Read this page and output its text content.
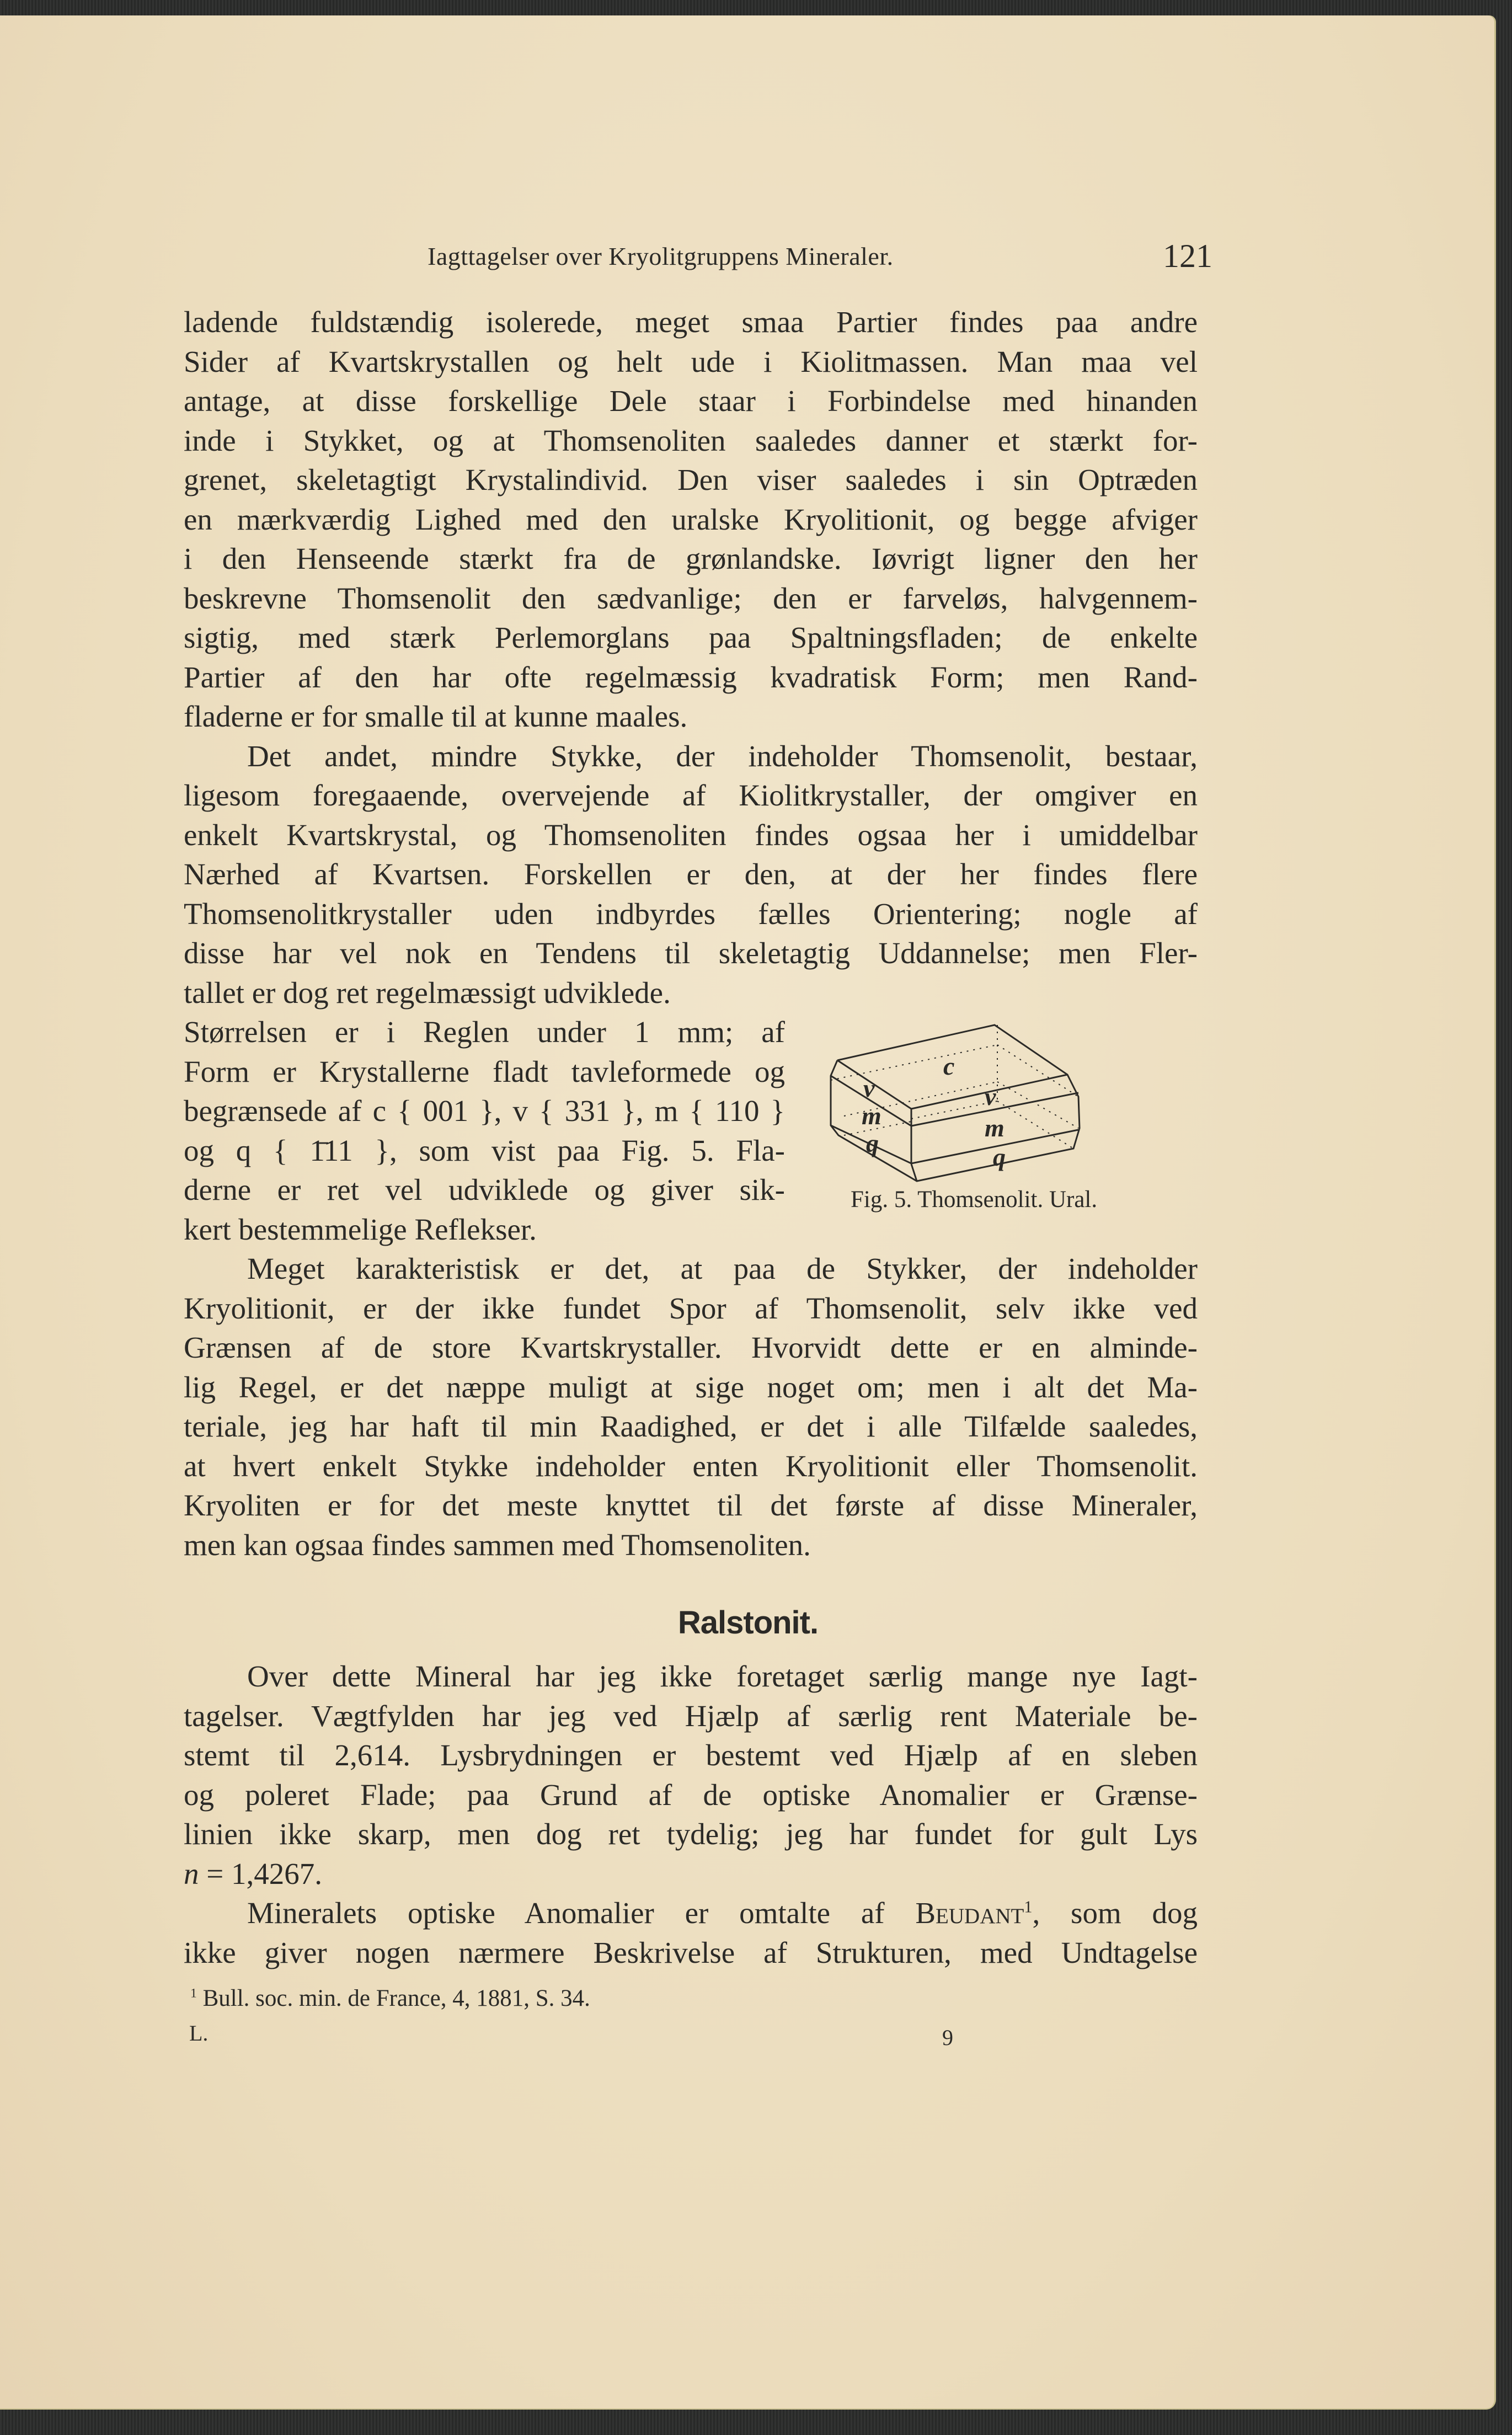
Iagttagelser over Kryolitgruppens Mineraler.	121

ladende fuldstændig isolerede, meget smaa Partier findes paa andre
Sider af Kvartskrystallen og helt ude i Kiolitmassen. Man maa vel
antage, at disse forskellige Dele staar i Forbindelse med hinanden
inde i Stykket, og at Thomsenoliten saaledes danner et stærkt for-
grenet, skeletagtigt Krystalindivid. Den viser saaledes i sin Optræden
en mærkværdig Lighed med den uralske Kryolitionit, og begge afviger
i den Henseende stærkt fra de grønlandske. Iøvrigt ligner den her
beskrevne Thomsenolit den sædvanlige; den er farveløs, halvgennem-
sigtig, med stærk Perlemorglans paa Spaltningsfladen; de enkelte
Partier af den har ofte regelmæssig kvadratisk Form; men Rand-
fladerne er for smalle til at kunne maales.

Det andet, mindre Stykke, der indeholder Thomsenolit, bestaar,
ligesom foregaaende, overvejende af Kiolitkrystaller, der omgiver en
enkelt Kvartskrystal, og Thomsenoliten findes ogsaa her i umiddelbar
Nærhed af Kvartsen. Forskellen er den, at der her findes flere
Thomsenolitkrystaller uden indbyrdes fælles Orientering; nogle af
disse har vel nok en Tendens til skeletagtig Uddannelse; men Fler-
tallet er dog ret regelmæssigt udviklede.

Størrelsen er i Reglen under 1 mm; af
Form er Krystallerne fladt tavleformede og
begrænsede af c { 001 }, v { 331 }, m { 110 }
og q { 1̄11 }, som vist paa Fig. 5. Fla-
derne er ret vel udviklede og giver sik-
kert bestemmelige Reflekser.

Meget karakteristisk er det, at paa de Stykker, der indeholder
Kryolitionit, er der ikke fundet Spor af Thomsenolit, selv ikke ved
Grænsen af de store Kvartskrystaller. Hvorvidt dette er en alminde-
lig Regel, er det næppe muligt at sige noget om; men i alt det Ma-
teriale, jeg har haft til min Raadighed, er det i alle Tilfælde saaledes,
at hvert enkelt Stykke indeholder enten Kryolitionit eller Thomsenolit.
Kryoliten er for det meste knyttet til det første af disse Mineraler,
men kan ogsaa findes sammen med Thomsenoliten.

c
v
m
q
v
m
q
Fig. 5. Thomsenolit. Ural.
Ralstonit.

Over dette Mineral har jeg ikke foretaget særlig mange nye Iagt-
tagelser. Vægtfylden har jeg ved Hjælp af særlig rent Materiale be-
stemt til 2,614. Lysbrydningen er bestemt ved Hjælp af en sleben
og poleret Flade; paa Grund af de optiske Anomalier er Grænse-
linien ikke skarp, men dog ret tydelig; jeg har fundet for gult Lys
n = 1,4267.

Mineralets optiske Anomalier er omtalte af Beudant$^1$, som dog
ikke giver nogen nærmere Beskrivelse af Strukturen, med Undtagelse

$^1$ Bull. soc. min. de France, 4, 1881, S. 34.
L.	9
